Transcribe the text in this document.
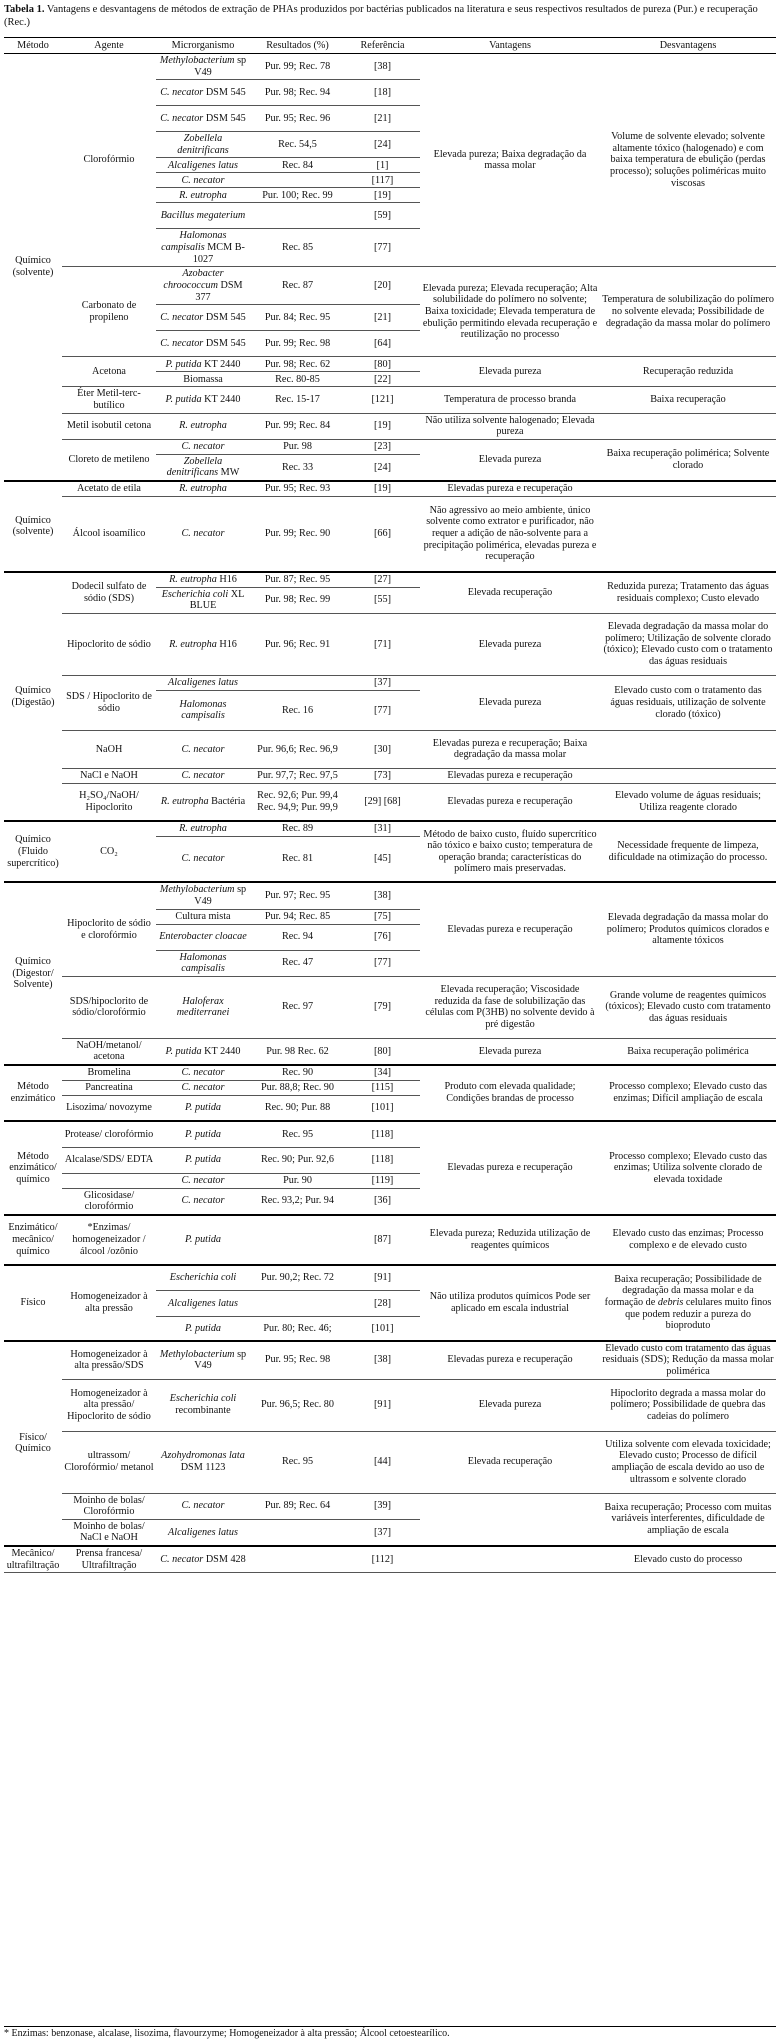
Tabela 1. Vantagens e desvantagens de métodos de extração de PHAs produzidos por bactérias publicados na literatura e seus respectivos resultados de pureza (Pur.) e recuperação (Rec.)
Método	Agente	Microrganismo	Resultados (%)	Referência	Vantagens	Desvantagens
Químico (solvente)	Clorofórmio	Methylobacterium sp V49	Pur. 99; Rec. 78	[38]	Elevada pureza; Baixa degradação da massa molar	Volume de solvente elevado; solvente altamente tóxico (halogenado) e com baixa temperatura de ebulição (perdas processo); soluções poliméricas muito viscosas
		C. necator DSM 545	Pur. 98; Rec. 94	[18]		
		C. necator DSM 545	Pur. 95; Rec. 96	[21]		
		Zobellela denitrificans	Rec. 54,5	[24]		
		Alcaligenes latus	Rec. 84	[1]		
		C. necator		[117]		
		R. eutropha	Pur. 100; Rec. 99	[19]		
		Bacillus megaterium		[59]		
		Halomonas campisalis MCM B-1027	Rec. 85	[77]		
	Carbonato de propileno	Azobacter chroococcum DSM 377	Rec. 87	[20]	Elevada pureza; Elevada recuperação; Alta solubilidade do polímero no solvente; Baixa toxicidade; Elevada temperatura de ebulição permitindo elevada recuperação e reutilização no processo	Temperatura de solubilização do polímero no solvente elevada; Possibilidade de degradação da massa molar do polímero
		C. necator DSM 545	Pur. 84; Rec. 95	[21]		
		C. necator DSM 545	Pur. 99; Rec. 98	[64]		
	Acetona	P. putida KT 2440	Pur. 98; Rec. 62	[80]	Elevada pureza	Recuperação reduzida
		Biomassa	Rec. 80-85	[22]		
	Éter Metil-terc-butílico	P. putida KT 2440	Rec. 15-17	[121]	Temperatura de processo branda	Baixa recuperação
	Metil isobutil cetona	R. eutropha	Pur. 99; Rec. 84	[19]	Não utiliza solvente halogenado; Elevada pureza	
	Cloreto de metileno	C. necator	Pur. 98	[23]	Elevada pureza	Baixa recuperação polimérica; Solvente clorado
		Zobellela denitrificans MW	Rec. 33	[24]		
Químico (solvente)	Acetato de etila	R. eutropha	Pur. 95; Rec. 93	[19]	Elevadas pureza e recuperação	
	Álcool isoamílico	C. necator	Pur. 99; Rec. 90	[66]	Não agressivo ao meio ambiente, único solvente como extrator e purificador, não requer a adição de não-solvente para a precipitação polimérica, elevadas pureza e recuperação	
Químico (Digestão)	Dodecil sulfato de sódio (SDS)	R. eutropha H16	Pur. 87; Rec. 95	[27]	Elevada recuperação	Reduzida pureza; Tratamento das águas residuais complexo; Custo elevado
		Escherichia coli XL BLUE	Pur. 98; Rec. 99	[55]		
	Hipoclorito de sódio	R. eutropha H16	Pur. 96; Rec. 91	[71]	Elevada pureza	Elevada degradação da massa molar do polímero; Utilização de solvente clorado (tóxico); Elevado custo com o tratamento das águas residuais
	SDS / Hipoclorito de sódio	Alcaligenes latus		[37]	Elevada pureza	Elevado custo com o tratamento das águas residuais, utilização de solvente clorado (tóxico)
		Halomonas campisalis	Rec. 16	[77]		
	NaOH	C. necator	Pur. 96,6; Rec. 96,9	[30]	Elevadas pureza e recuperação; Baixa degradação da massa molar	
	NaCl e NaOH	C. necator	Pur. 97,7; Rec. 97,5	[73]	Elevadas pureza e recuperação	
	H₂SO₄/NaOH/ Hipoclorito	R. eutropha Bactéria	Rec. 92,6; Pur. 99,4 Rec. 94,9; Pur. 99,9	[29] [68]	Elevadas pureza e recuperação	Elevado volume de águas residuais; Utiliza reagente clorado
Químico (Fluido supercrítico)	CO₂	R. eutropha	Rec. 89	[31]	Método de baixo custo, fluído supercrítico não tóxico e baixo custo; temperatura de operação branda; características do polímero mais preservadas.	Necessidade frequente de limpeza, dificuldade na otimização do processo.
		C. necator	Rec. 81	[45]		
Químico (Digestor/ Solvente)	Hipoclorito de sódio e clorofórmio	Methylobacterium sp V49	Pur. 97; Rec. 95	[38]	Elevadas pureza e recuperação	Elevada degradação da massa molar do polímero; Produtos químicos clorados e altamente tóxicos
		Cultura mista	Pur. 94; Rec. 85	[75]		
		Enterobacter cloacae	Rec. 94	[76]		
		Halomonas campisalis	Rec. 47	[77]		
	SDS/hipoclorito de sódio/clorofórmio	Haloferax mediterranei	Rec. 97	[79]	Elevada recuperação; Viscosidade reduzida da fase de solubilização das células com P(3HB) no solvente devido à pré digestão	Grande volume de reagentes químicos (tóxicos); Elevado custo com tratamento das águas residuais
	NaOH/metanol/ acetona	P. putida KT 2440	Pur. 98 Rec. 62	[80]	Elevada pureza	Baixa recuperação polimérica
Método enzimático	Bromelina	C. necator	Rec. 90	[34]	Produto com elevada qualidade; Condições brandas de processo	Processo complexo; Elevado custo das enzimas; Difícil ampliação de escala
	Pancreatina	C. necator	Pur. 88,8; Rec. 90	[115]		
	Lisozima/ novozyme	P. putida	Rec. 90; Pur. 88	[101]		
Método enzimático/ químico	Protease/ clorofórmio	P. putida	Rec. 95	[118]	Elevadas pureza e recuperação	Processo complexo; Elevado custo das enzimas; Utiliza solvente clorado de elevada toxidade
	Alcalase/SDS/ EDTA	P. putida	Rec. 90; Pur. 92,6	[118]		
		C. necator	Pur. 90	[119]		
	Glicosidase/ clorofórmio	C. necator	Rec. 93,2; Pur. 94	[36]		
Enzimático/ mecânico/ químico	*Enzimas/ homogeneizador / álcool /ozônio	P. putida		[87]	Elevada pureza; Reduzida utilização de reagentes químicos	Elevado custo das enzimas; Processo complexo e de elevado custo
Físico	Homogeneizador à alta pressão	Escherichia coli	Pur. 90,2; Rec. 72	[91]	Não utiliza produtos químicos Pode ser aplicado em escala industrial	Baixa recuperação; Possibilidade de degradação da massa molar e da formação de debris celulares muito finos que podem reduzir a pureza do bioproduto
		Alcaligenes latus		[28]		
		P. putida	Pur. 80; Rec. 46;	[101]		
Físico/ Químico	Homogeneizador à alta pressão/SDS	Methylobacterium sp V49	Pur. 95; Rec. 98	[38]	Elevadas pureza e recuperação	Elevado custo com tratamento das águas residuais (SDS); Redução da massa molar polimérica
	Homogeneizador à alta pressão/ Hipoclorito de sódio	Escherichia coli recombinante	Pur. 96,5; Rec. 80	[91]	Elevada pureza	Hipoclorito degrada a massa molar do polímero; Possibilidade de quebra das cadeias do polímero
	ultrassom/ Clorofórmio/ metanol	Azohydromonas lata DSM 1123	Rec. 95	[44]	Elevada recuperação	Utiliza solvente com elevada toxicidade; Elevado custo; Processo de difícil ampliação de escala devido ao uso de ultrassom e solvente clorado
	Moinho de bolas/ Clorofórmio	C. necator	Pur. 89; Rec. 64	[39]		Baixa recuperação; Processo com muitas variáveis interferentes, dificuldade de ampliação de escala
	Moinho de bolas/ NaCl e NaOH	Alcaligenes latus		[37]		
Mecânico/ ultrafiltração	Prensa francesa/ Ultrafiltração	C. necator DSM 428		[112]		Elevado custo do processo
* Enzimas: benzonase, alcalase, lisozima, flavourzyme; Homogeneizador à alta pressão; Álcool cetoestearílico.
